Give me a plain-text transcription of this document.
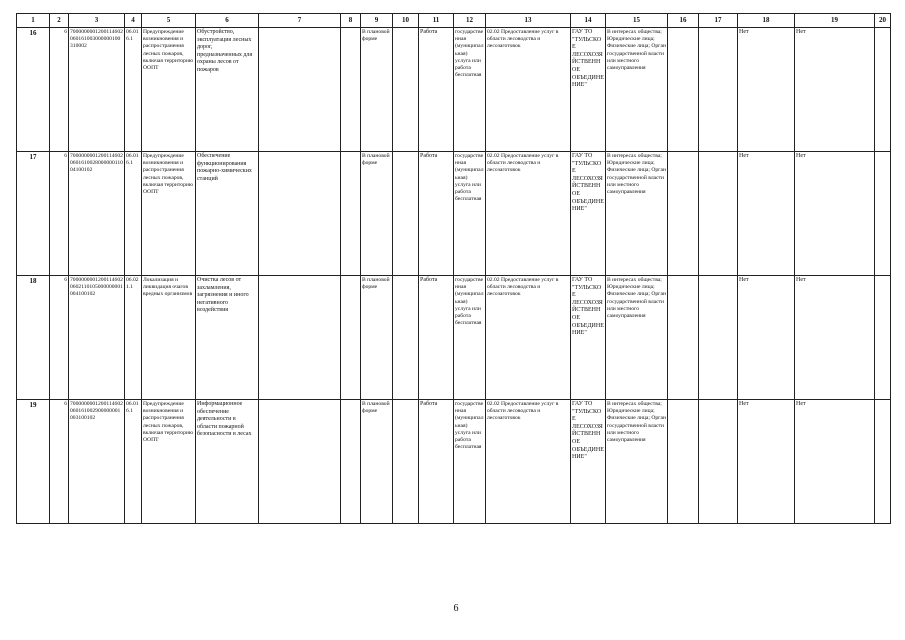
1	2	3	4	5	6	7	8	9	10	11	12	13	14	15	16	17	18	19	20
16	6	7000000001200114602060161003000000100310002	06.016.1	Предупреждение возникновения и распространения лесных пожаров, включая территорию ООПТ	Обустройство, эксплуатация лесных дорог, предназначенных для охраны лесов от пожаров			В плановой форме		Работа	государственная (муниципальная) услуга или работа бесплатная	02.02 Предоставление услуг в области лесоводства и лесозаготовок	ГАУ ТО "ТУЛЬСКОЕ ЛЕСОХОЗЯЙСТВЕННОЕ ОБЪЕДИНЕНИЕ"	В интересах общества; Юридические лица; Физические лица; Орган государственной власти или местного самоуправления			Нет	Нет	
17	6	7000000001200114602060161002800000011004100102	06.016.1	Предупреждение возникновения и распространения лесных пожаров, включая территорию ООПТ	Обеспечение функционирования пожарно-химических станций			В плановой форме		Работа	государственная (муниципальная) услуга или работа бесплатная	02.02 Предоставление услуг в области лесоводства и лесозаготовок	ГАУ ТО "ТУЛЬСКОЕ ЛЕСОХОЗЯЙСТВЕННОЕ ОБЪЕДИНЕНИЕ"	В интересах общества; Юридические лица; Физические лица; Орган государственной власти или местного самоуправления			Нет	Нет	
18	6	70000000012001146020602110105000000001004100102	06.021.1	Локализация и ликвидация очагов вредных организмов	Очистка лесов от захламления, загрязнения и иного негативного воздействия			В плановой форме		Работа	государственная (муниципальная) услуга или работа бесплатная	02.02 Предоставление услуг в области лесоводства и лесозаготовок	ГАУ ТО "ТУЛЬСКОЕ ЛЕСОХОЗЯЙСТВЕННОЕ ОБЪЕДИНЕНИЕ"	В интересах общества; Юридические лица; Физические лица; Орган государственной власти или местного самоуправления			Нет	Нет	
19	6	7000000001200114602060161002900000001003100102	06.016.1	Предупреждение возникновения и распространения лесных пожаров, включая территорию ООПТ	Информационное обеспечение деятельности в области пожарной безопасности в лесах			В плановой форме		Работа	государственная (муниципальная) услуга или работа бесплатная	02.02 Предоставление услуг в области лесоводства и лесозаготовок	ГАУ ТО "ТУЛЬСКОЕ ЛЕСОХОЗЯЙСТВЕННОЕ ОБЪЕДИНЕНИЕ"	В интересах общества; Юридические лица; Физические лица; Орган государственной власти или местного самоуправления			Нет	Нет	
6
